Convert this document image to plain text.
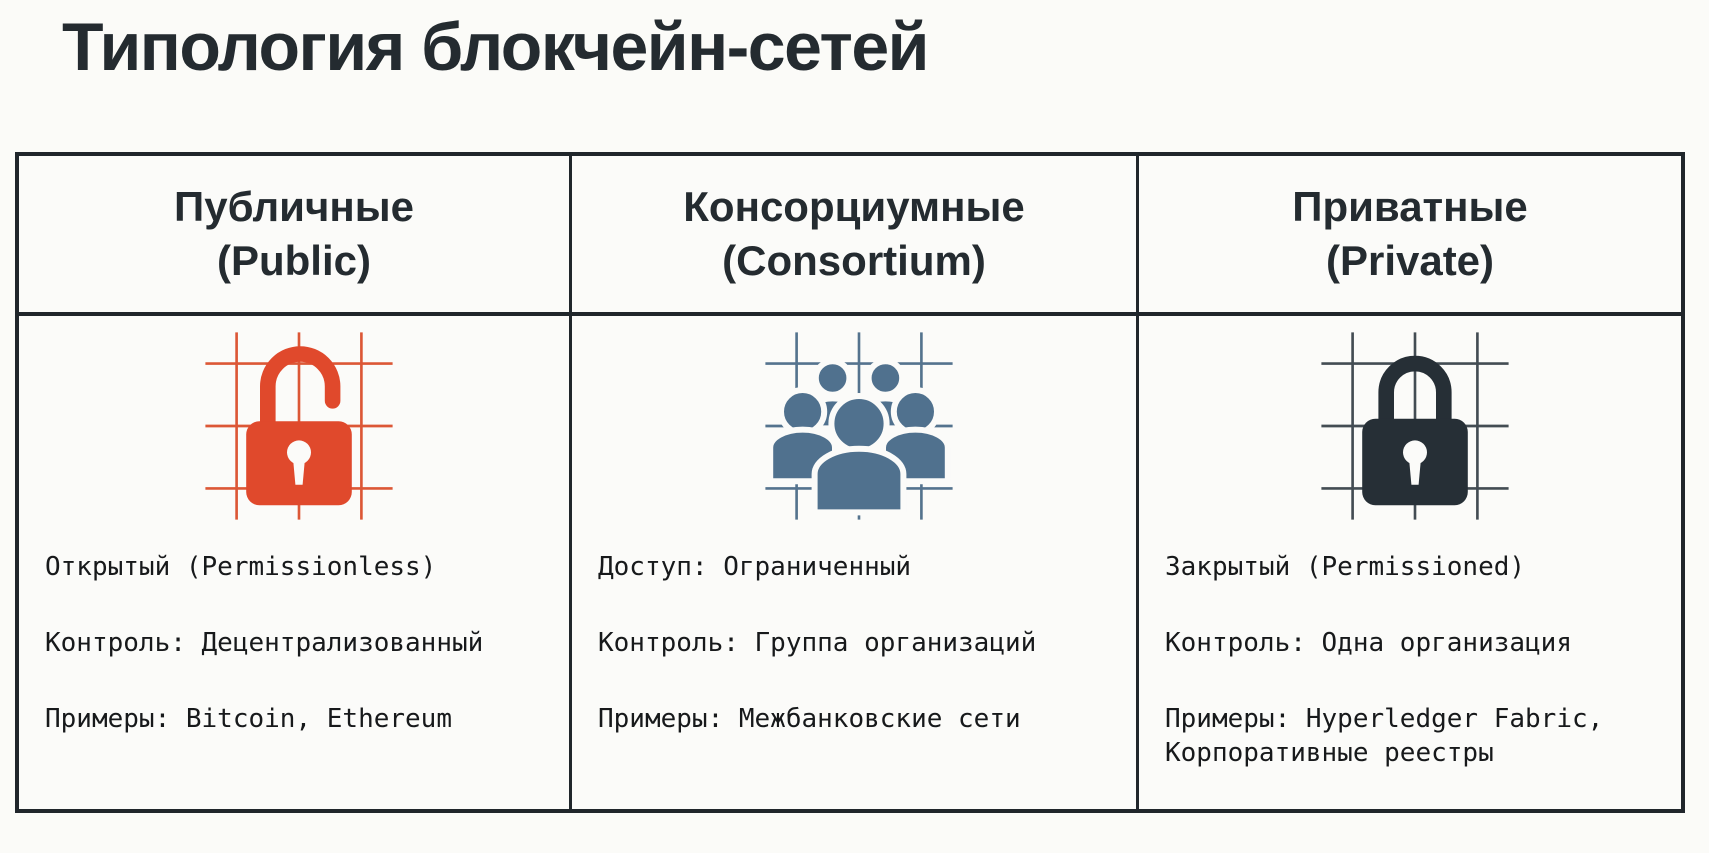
Типология блокчейн-сетей
Публичные
(Public)
Консорциумные
(Consortium)
Приватные
(Private)

Открытый (Permissionless)

Контроль: Децентрализованный

Примеры: Bitcoin, Ethereum

Доступ: Ограниченный

Контроль: Группа организаций

Примеры: Межбанковские сети

Закрытый (Permissioned)

Контроль: Одна организация

Примеры: Hyperledger Fabric, Корпоративные реестры
